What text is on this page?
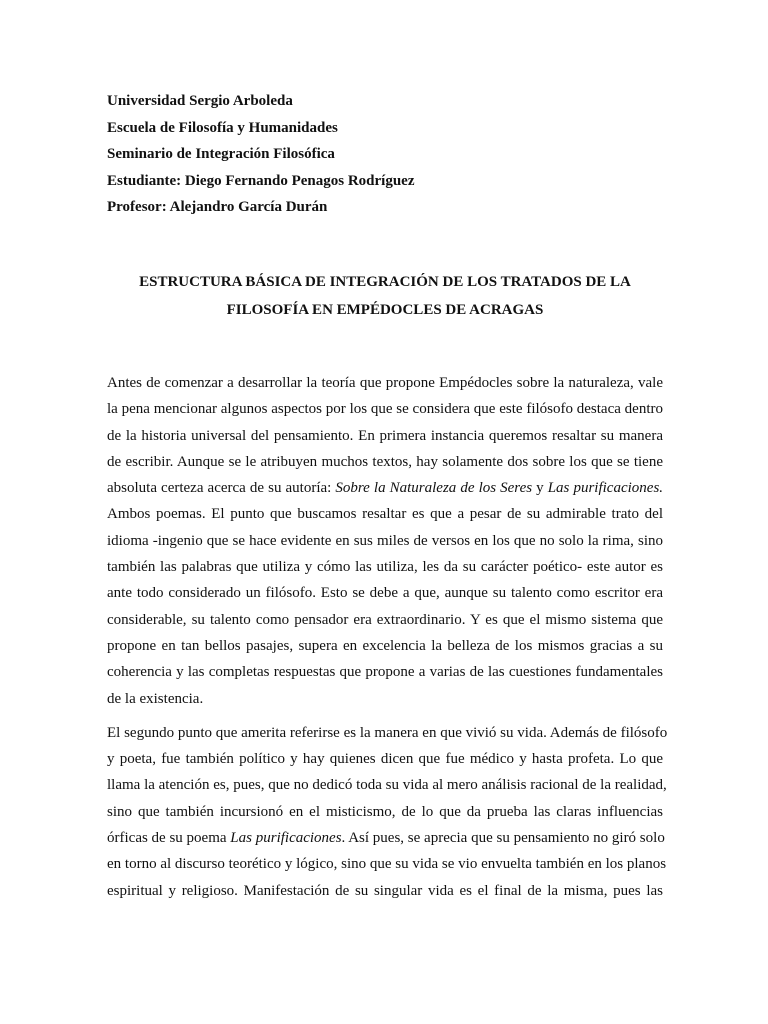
Universidad Sergio Arboleda
Escuela de Filosofía y Humanidades
Seminario de Integración Filosófica
Estudiante: Diego Fernando Penagos Rodríguez
Profesor: Alejandro García Durán
ESTRUCTURA BÁSICA DE INTEGRACIÓN DE LOS TRATADOS DE LA
FILOSOFÍA EN EMPÉDOCLES DE ACRAGAS
Antes de comenzar a desarrollar la teoría que propone Empédocles sobre la naturaleza, vale
la pena mencionar algunos aspectos por los que se considera que este filósofo destaca dentro
de la historia universal del pensamiento. En primera instancia queremos resaltar su manera
de escribir. Aunque se le atribuyen muchos textos, hay solamente dos sobre los que se tiene
absoluta certeza acerca de su autoría: Sobre la Naturaleza de los Seres y Las purificaciones.
Ambos poemas. El punto que buscamos resaltar es que a pesar de su admirable trato del
idioma -ingenio que se hace evidente en sus miles de versos en los que no solo la rima, sino
también las palabras que utiliza y cómo las utiliza, les da su carácter poético- este autor es
ante todo considerado un filósofo. Esto se debe a que, aunque su talento como escritor era
considerable, su talento como pensador era extraordinario. Y es que el mismo sistema que
propone en tan bellos pasajes, supera en excelencia la belleza de los mismos gracias a su
coherencia y las completas respuestas que propone a varias de las cuestiones fundamentales
de la existencia.
El segundo punto que amerita referirse es la manera en que vivió su vida. Además de filósofo
y poeta, fue también político y hay quienes dicen que fue médico y hasta profeta. Lo que
llama la atención es, pues, que no dedicó toda su vida al mero análisis racional de la realidad,
sino que también incursionó en el misticismo, de lo que da prueba las claras influencias
órficas de su poema Las purificaciones. Así pues, se aprecia que su pensamiento no giró solo
en torno al discurso teorético y lógico, sino que su vida se vio envuelta también en los planos
espiritual y religioso. Manifestación de su singular vida es el final de la misma, pues las
